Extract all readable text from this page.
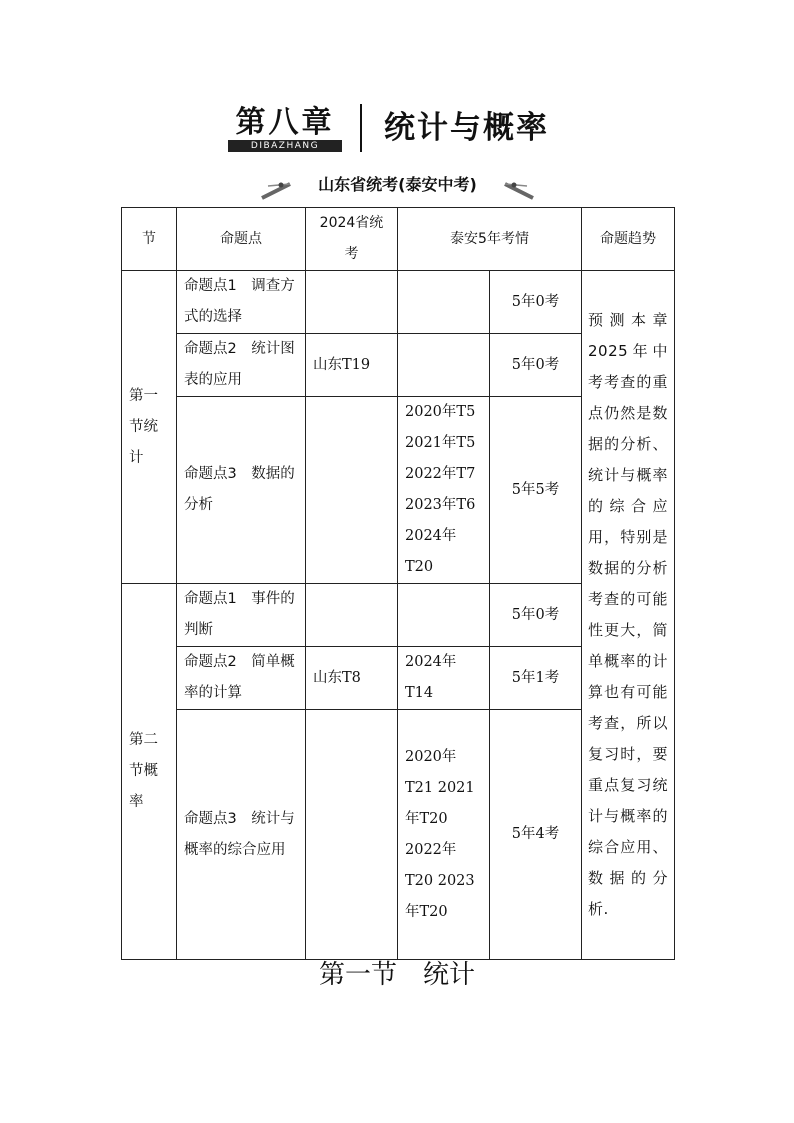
第八章
DIBAZHANG	统计与概率
山东省统考(泰安中考)
节	命题点	2024省统考	泰安5年考情		命题趋势
第一节统计	命题点1　调查方式的选择			5年0考	预测本章2025年中考考查的重点仍然是数据的分析、统计与概率的综合应用，特别是数据的分析考查的可能性更大，简单概率的计算也有可能考查，所以复习时，要重点复习统计与概率的综合应用、数据的分析.
	命题点2　统计图表的应用	山东T19		5年0考	
	命题点3　数据的分析		2020年T5 2021年T5 2022年T7 2023年T6 2024年T20	5年5考	
第二节概率	命题点1　事件的判断			5年0考	
	命题点2　简单概率的计算	山东T8	2024年T14	5年1考	
	命题点3　统计与概率的综合应用		2020年T21 2021年T20 2022年T20 2023年T20	5年4考	
第一节　统计
